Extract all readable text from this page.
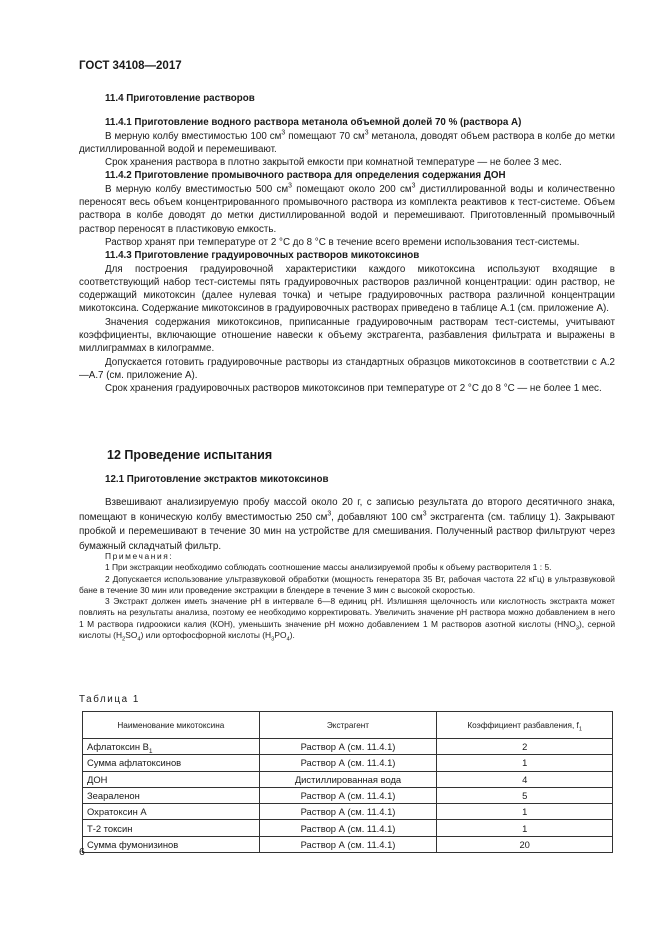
ГОСТ 34108—2017

11.4 Приготовление растворов

11.4.1 Приготовление водного раствора метанола объемной долей 70 % (раствора А)

В мерную колбу вместимостью 100 $см^3$ помещают 70 $см^3$ метанола, доводят объем раствора в колбе до метки дистиллированной водой и перемешивают.

Срок хранения раствора в плотно закрытой емкости при комнатной температуре — не более 3 мес.

11.4.2 Приготовление промывочного раствора для определения содержания ДОН

В мерную колбу вместимостью 500 $см^3$ помещают около 200 $см^3$ дистиллированной воды и количественно переносят весь объем концентрированного промывочного раствора из комплекта реактивов к тест-системе. Объем раствора в колбе доводят до метки дистиллированной водой и перемешивают. Приготовленный промывочный раствор переносят в пластиковую емкость.

Раствор хранят при температуре от 2 °С до 8 °С в течение всего времени использования тест-системы.

11.4.3 Приготовление градуировочных растворов микотоксинов

Для построения градуировочной характеристики каждого микотоксина используют входящие в соответствующий набор тест-системы пять градуировочных растворов различной концентрации: один раствор, не содержащий микотоксин (далее нулевая точка) и четыре градуировочных раствора различной концентрации микотоксина. Содержание микотоксинов в градуировочных растворах приведено в таблице А.1 (см. приложение А).

Значения содержания микотоксинов, приписанные градуировочным растворам тест-системы, учитывают коэффициенты, включающие отношение навески к объему экстрагента, разбавления фильтрата и выражены в миллиграммах в килограмме.

Допускается готовить градуировочные растворы из стандартных образцов микотоксинов в соответствии с А.2—А.7 (см. приложение А).

Срок хранения градуировочных растворов микотоксинов при температуре от 2 °С до 8 °С — не более 1 мес.

12 Проведение испытания

12.1 Приготовление экстрактов микотоксинов

Взвешивают анализируемую пробу массой около 20 г, с записью результата до второго десятичного знака, помещают в коническую колбу вместимостью 250 $см^3$, добавляют 100 $см^3$ экстрагента (см. таблицу 1). Закрывают пробкой и перемешивают в течение 30 мин на устройстве для смешивания. Полученный раствор фильтруют через бумажный складчатый фильтр.

Примечания:

1 При экстракции необходимо соблюдать соотношение массы анализируемой пробы к объему растворителя 1 : 5.

2 Допускается использование ультразвуковой обработки (мощность генератора 35 Вт, рабочая частота 22 кГц) в ультразвуковой бане в течение 30 мин или проведение экстракции в блендере в течение 3 мин с высокой скоростью.

3 Экстракт должен иметь значение рН в интервале 6—8 единиц рН. Излишняя щелочность или кислотность экстракта может повлиять на результаты анализа, поэтому ее необходимо корректировать. Увеличить значение рН раствора можно добавлением в него 1 М раствора гидроокиси калия (КОН), уменьшить значение рН можно добавлением 1 М растворов азотной кислоты $(HNO_3)$, серной кислоты $(H_2SO_4)$ или ортофосфорной кислоты $(H_3PO_4)$.

Таблица 1
Наименование микотоксина	Экстрагент	Коэффициент разбавления, $f_1$
Афлатоксин $В_1$	Раствор А (см. 11.4.1)	2
Сумма афлатоксинов	Раствор А (см. 11.4.1)	1
ДОН	Дистиллированная вода	4
Зеараленон	Раствор А (см. 11.4.1)	5
Охратоксин А	Раствор А (см. 11.4.1)	1
Т-2 токсин	Раствор А (см. 11.4.1)	1
Сумма фумонизинов	Раствор А (см. 11.4.1)	20
6
